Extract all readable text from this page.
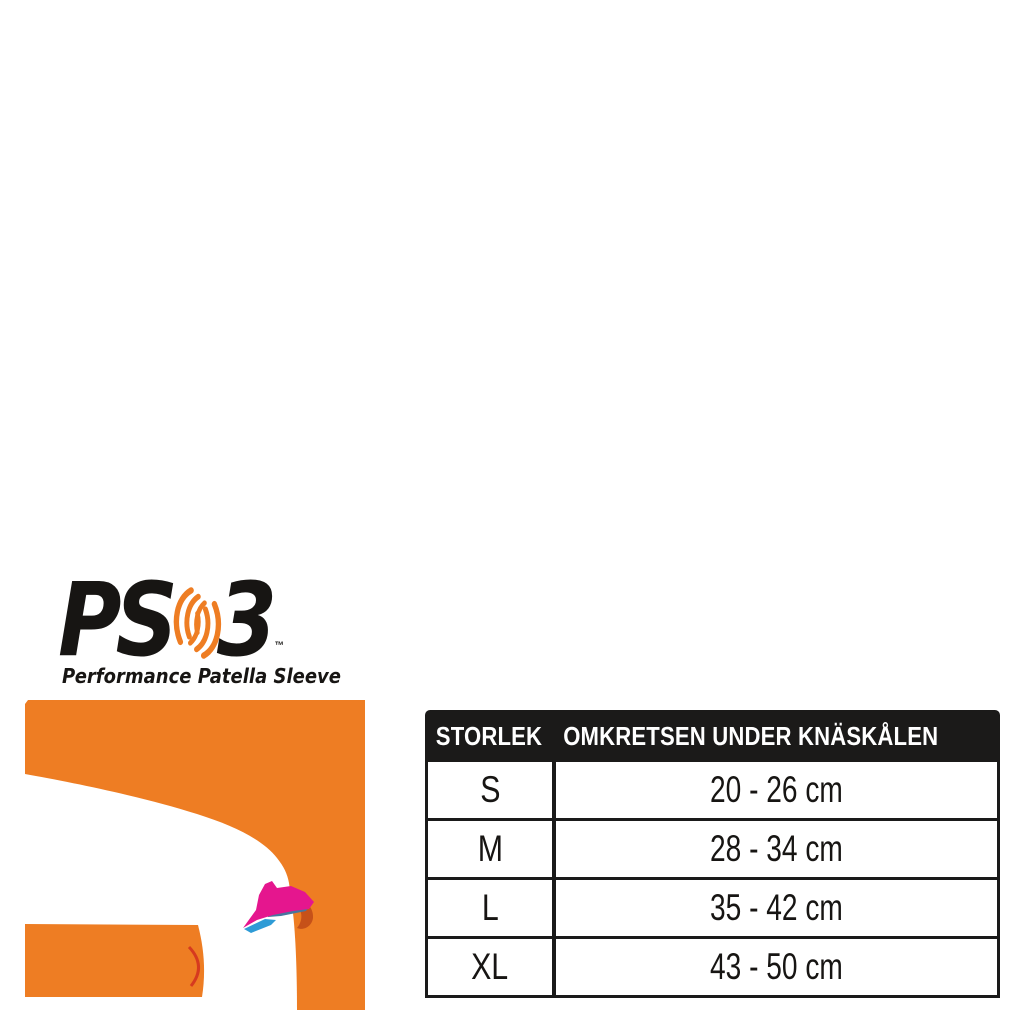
PS 3 ™
Performance Patella Sleeve
STORLEK OMKRETSEN UNDER KNÄSKÅLEN
S	20 - 26 cm
M	28 - 34 cm
L	35 - 42 cm
XL	43 - 50 cm
